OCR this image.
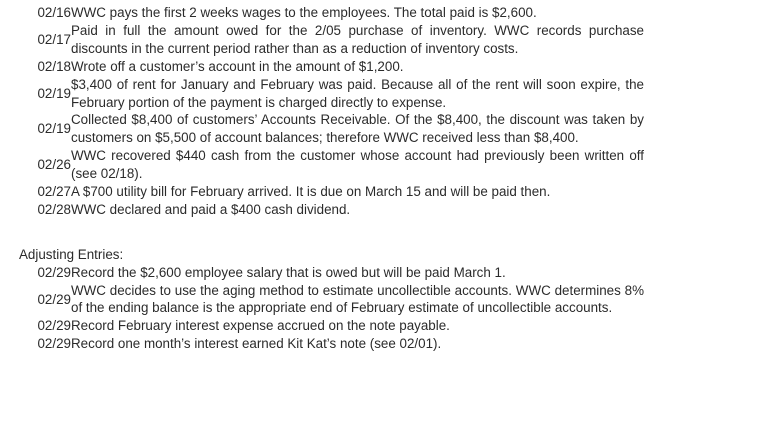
02/16 WWC pays the first 2 weeks wages to the employees. The total paid is $2,600.
02/17
Paid in full the amount owed for the 2/05 purchase of inventory. WWC records purchase discounts in the current period rather than as a reduction of inventory costs.
02/18 Wrote off a customer’s account in the amount of $1,200.
02/19
$3,400 of rent for January and February was paid. Because all of the rent will soon expire, the February portion of the payment is charged directly to expense.
02/19
Collected $8,400 of customers’ Accounts Receivable. Of the $8,400, the discount was taken by customers on $5,500 of account balances; therefore WWC received less than $8,400.
02/26
WWC recovered $440 cash from the customer whose account had previously been written off (see 02/18).
02/27 A $700 utility bill for February arrived. It is due on March 15 and will be paid then.
02/28 WWC declared and paid a $400 cash dividend.
Adjusting Entries:
02/29 Record the $2,600 employee salary that is owed but will be paid March 1.
02/29
WWC decides to use the aging method to estimate uncollectible accounts. WWC determines 8% of the ending balance is the appropriate end of February estimate of uncollectible accounts.
02/29 Record February interest expense accrued on the note payable.
02/29 Record one month’s interest earned Kit Kat’s note (see 02/01).
